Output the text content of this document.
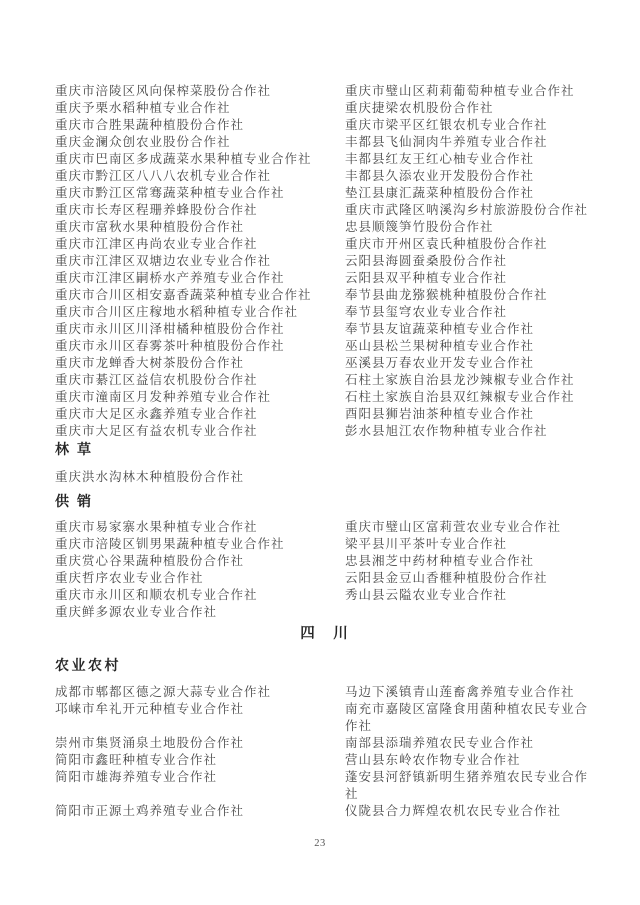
重庆市涪陵区风向保榨菜股份合作社	重庆市璧山区莉莉葡萄种植专业合作社
重庆予栗水稻种植专业合作社	重庆捷梁农机股份合作社
重庆市合胜果蔬种植股份合作社	重庆市梁平区红银农机专业合作社
重庆金澜众创农业股份合作社	丰都县飞仙洞肉牛养殖专业合作社
重庆市巴南区多成蔬菜水果种植专业合作社	丰都县红友王红心柚专业合作社
重庆市黔江区八八八农机专业合作社	丰都县久添农业开发股份合作社
重庆市黔江区常骞蔬菜种植专业合作社	垫江县康汇蔬菜种植股份合作社
重庆市长寿区程珊养蜂股份合作社	重庆市武隆区呐溪沟乡村旅游股份合作社
重庆市富秋水果种植股份合作社	忠县顺篾笋竹股份合作社
重庆市江津区冉尚农业专业合作社	重庆市开州区袁氏种植股份合作社
重庆市江津区双塘边农业专业合作社	云阳县海圆蚕桑股份合作社
重庆市江津区嗣桥水产养殖专业合作社	云阳县双平种植专业合作社
重庆市合川区相安嘉香蔬菜种植专业合作社	奉节县曲龙猕猴桃种植股份合作社
重庆市合川区庄稼地水稻种植专业合作社	奉节县玺穹农业专业合作社
重庆市永川区川泽柑橘种植股份合作社	奉节县友谊蔬菜种植专业合作社
重庆市永川区春雾茶叶种植股份合作社	巫山县松兰果树种植专业合作社
重庆市龙蝉香大树茶股份合作社	巫溪县万春农业开发专业合作社
重庆市綦江区益信农机股份合作社	石柱土家族自治县龙沙辣椒专业合作社
重庆市潼南区月发种养殖专业合作社	石柱土家族自治县双红辣椒专业合作社
重庆市大足区永鑫养殖专业合作社	酉阳县狮岩油茶种植专业合作社
重庆市大足区有益农机专业合作社	彭水县旭江农作物种植专业合作社
林草
重庆洪水沟林木种植股份合作社
供销
重庆市易家寨水果种植专业合作社	重庆市璧山区富莉萱农业专业合作社
重庆市涪陵区钏男果蔬种植专业合作社	梁平县川平茶叶专业合作社
重庆赏心谷果蔬种植股份合作社	忠县湘芝中药材种植专业合作社
重庆哲序农业专业合作社	云阳县金豆山香榧种植股份合作社
重庆市永川区和顺农机专业合作社	秀山县云隘农业专业合作社
重庆鲜多源农业专业合作社
四　川
农业农村
成都市郫都区德之源大蒜专业合作社	马边下溪镇青山莲畜禽养殖专业合作社
邛崃市牟礼开元种植专业合作社	南充市嘉陵区富隆食用菌种植农民专业合作社
崇州市集贤涌泉土地股份合作社	南部县添瑞养殖农民专业合作社
简阳市鑫旺种植专业合作社	营山县东岭农作物专业合作社
简阳市雄海养殖专业合作社	蓬安县河舒镇新明生猪养殖农民专业合作社
简阳市正源土鸡养殖专业合作社	仪陇县合力辉煌农机农民专业合作社
23
